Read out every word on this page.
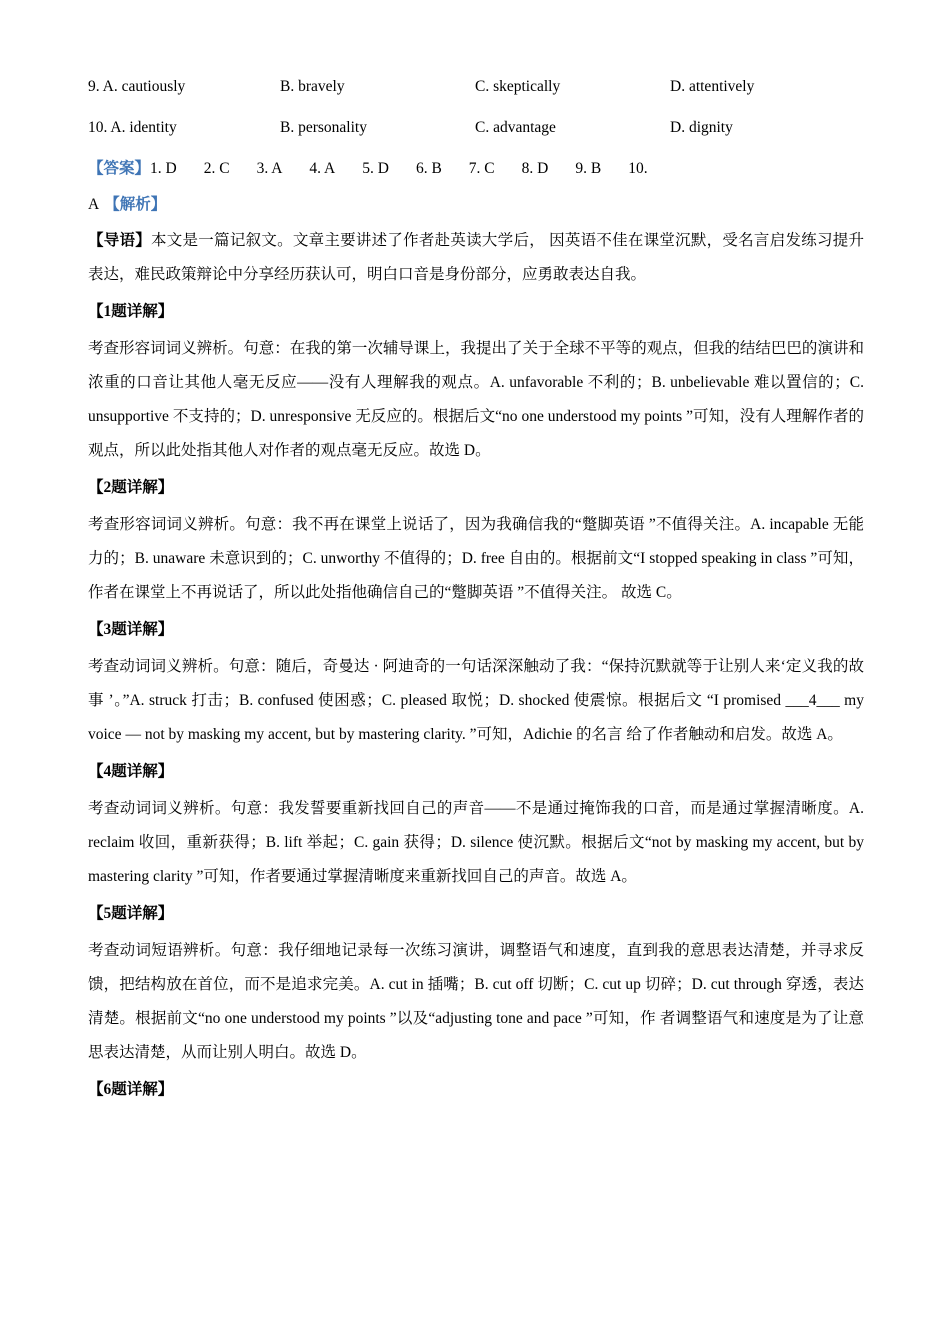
9. A. cautiously	B. bravely	C. skeptically	D. attentively
10. A. identity	B. personality	C. advantage	D. dignity

【答案】1. D 2. C 3. A 4. A 5. D 6. B 7. C 8. D 9. B 10.

A 【解析】

【导语】本文是一篇记叙文。文章主要讲述了作者赴英读大学后， 因英语不佳在课堂沉默，受名言启发练习提升表达，难民政策辩论中分享经历获认可，明白口音是身份部分，应勇敢表达自我。

【1题详解】

考查形容词词义辨析。句意：在我的第一次辅导课上，我提出了关于全球不平等的观点，但我的结结巴巴的演讲和浓重的口音让其他人毫无反应——没有人理解我的观点。A. unfavorable 不利的；B. unbelievable 难以置信的；C. unsupportive 不支持的；D. unresponsive 无反应的。根据后文“no one understood my points ”可知，没有人理解作者的观点，所以此处指其他人对作者的观点毫无反应。故选 D。

【2题详解】

考查形容词词义辨析。句意：我不再在课堂上说话了，因为我确信我的“蹩脚英语 ”不值得关注。A. incapable 无能力的；B. unaware 未意识到的；C. unworthy 不值得的；D. free 自由的。根据前文“I stopped speaking in class ”可知，作者在课堂上不再说话了，所以此处指他确信自己的“蹩脚英语 ”不值得关注。 故选 C。

【3题详解】

考查动词词义辨析。句意：随后，奇曼达 · 阿迪奇的一句话深深触动了我：“保持沉默就等于让别人来‘定义我的故事 ’。”A. struck 打击；B. confused 使困惑；C. pleased 取悦；D. shocked 使震惊。根据后文 “I promised ___4___ my voice — not by masking my accent, but by mastering clarity. ”可知，Adichie 的名言 给了作者触动和启发。故选 A。

【4题详解】

考查动词词义辨析。句意：我发誓要重新找回自己的声音——不是通过掩饰我的口音，而是通过掌握清晰度。A. reclaim 收回，重新获得；B. lift 举起；C. gain 获得；D. silence 使沉默。根据后文“not by masking my accent, but by mastering clarity ”可知，作者要通过掌握清晰度来重新找回自己的声音。故选 A。

【5题详解】

考查动词短语辨析。句意：我仔细地记录每一次练习演讲，调整语气和速度，直到我的意思表达清楚，并寻求反馈，把结构放在首位，而不是追求完美。A. cut in 插嘴；B. cut off 切断；C. cut up 切碎；D. cut through 穿透，表达清楚。根据前文“no one understood my points ”以及“adjusting tone and pace ”可知，作 者调整语气和速度是为了让意思表达清楚，从而让别人明白。故选 D。

【6题详解】
